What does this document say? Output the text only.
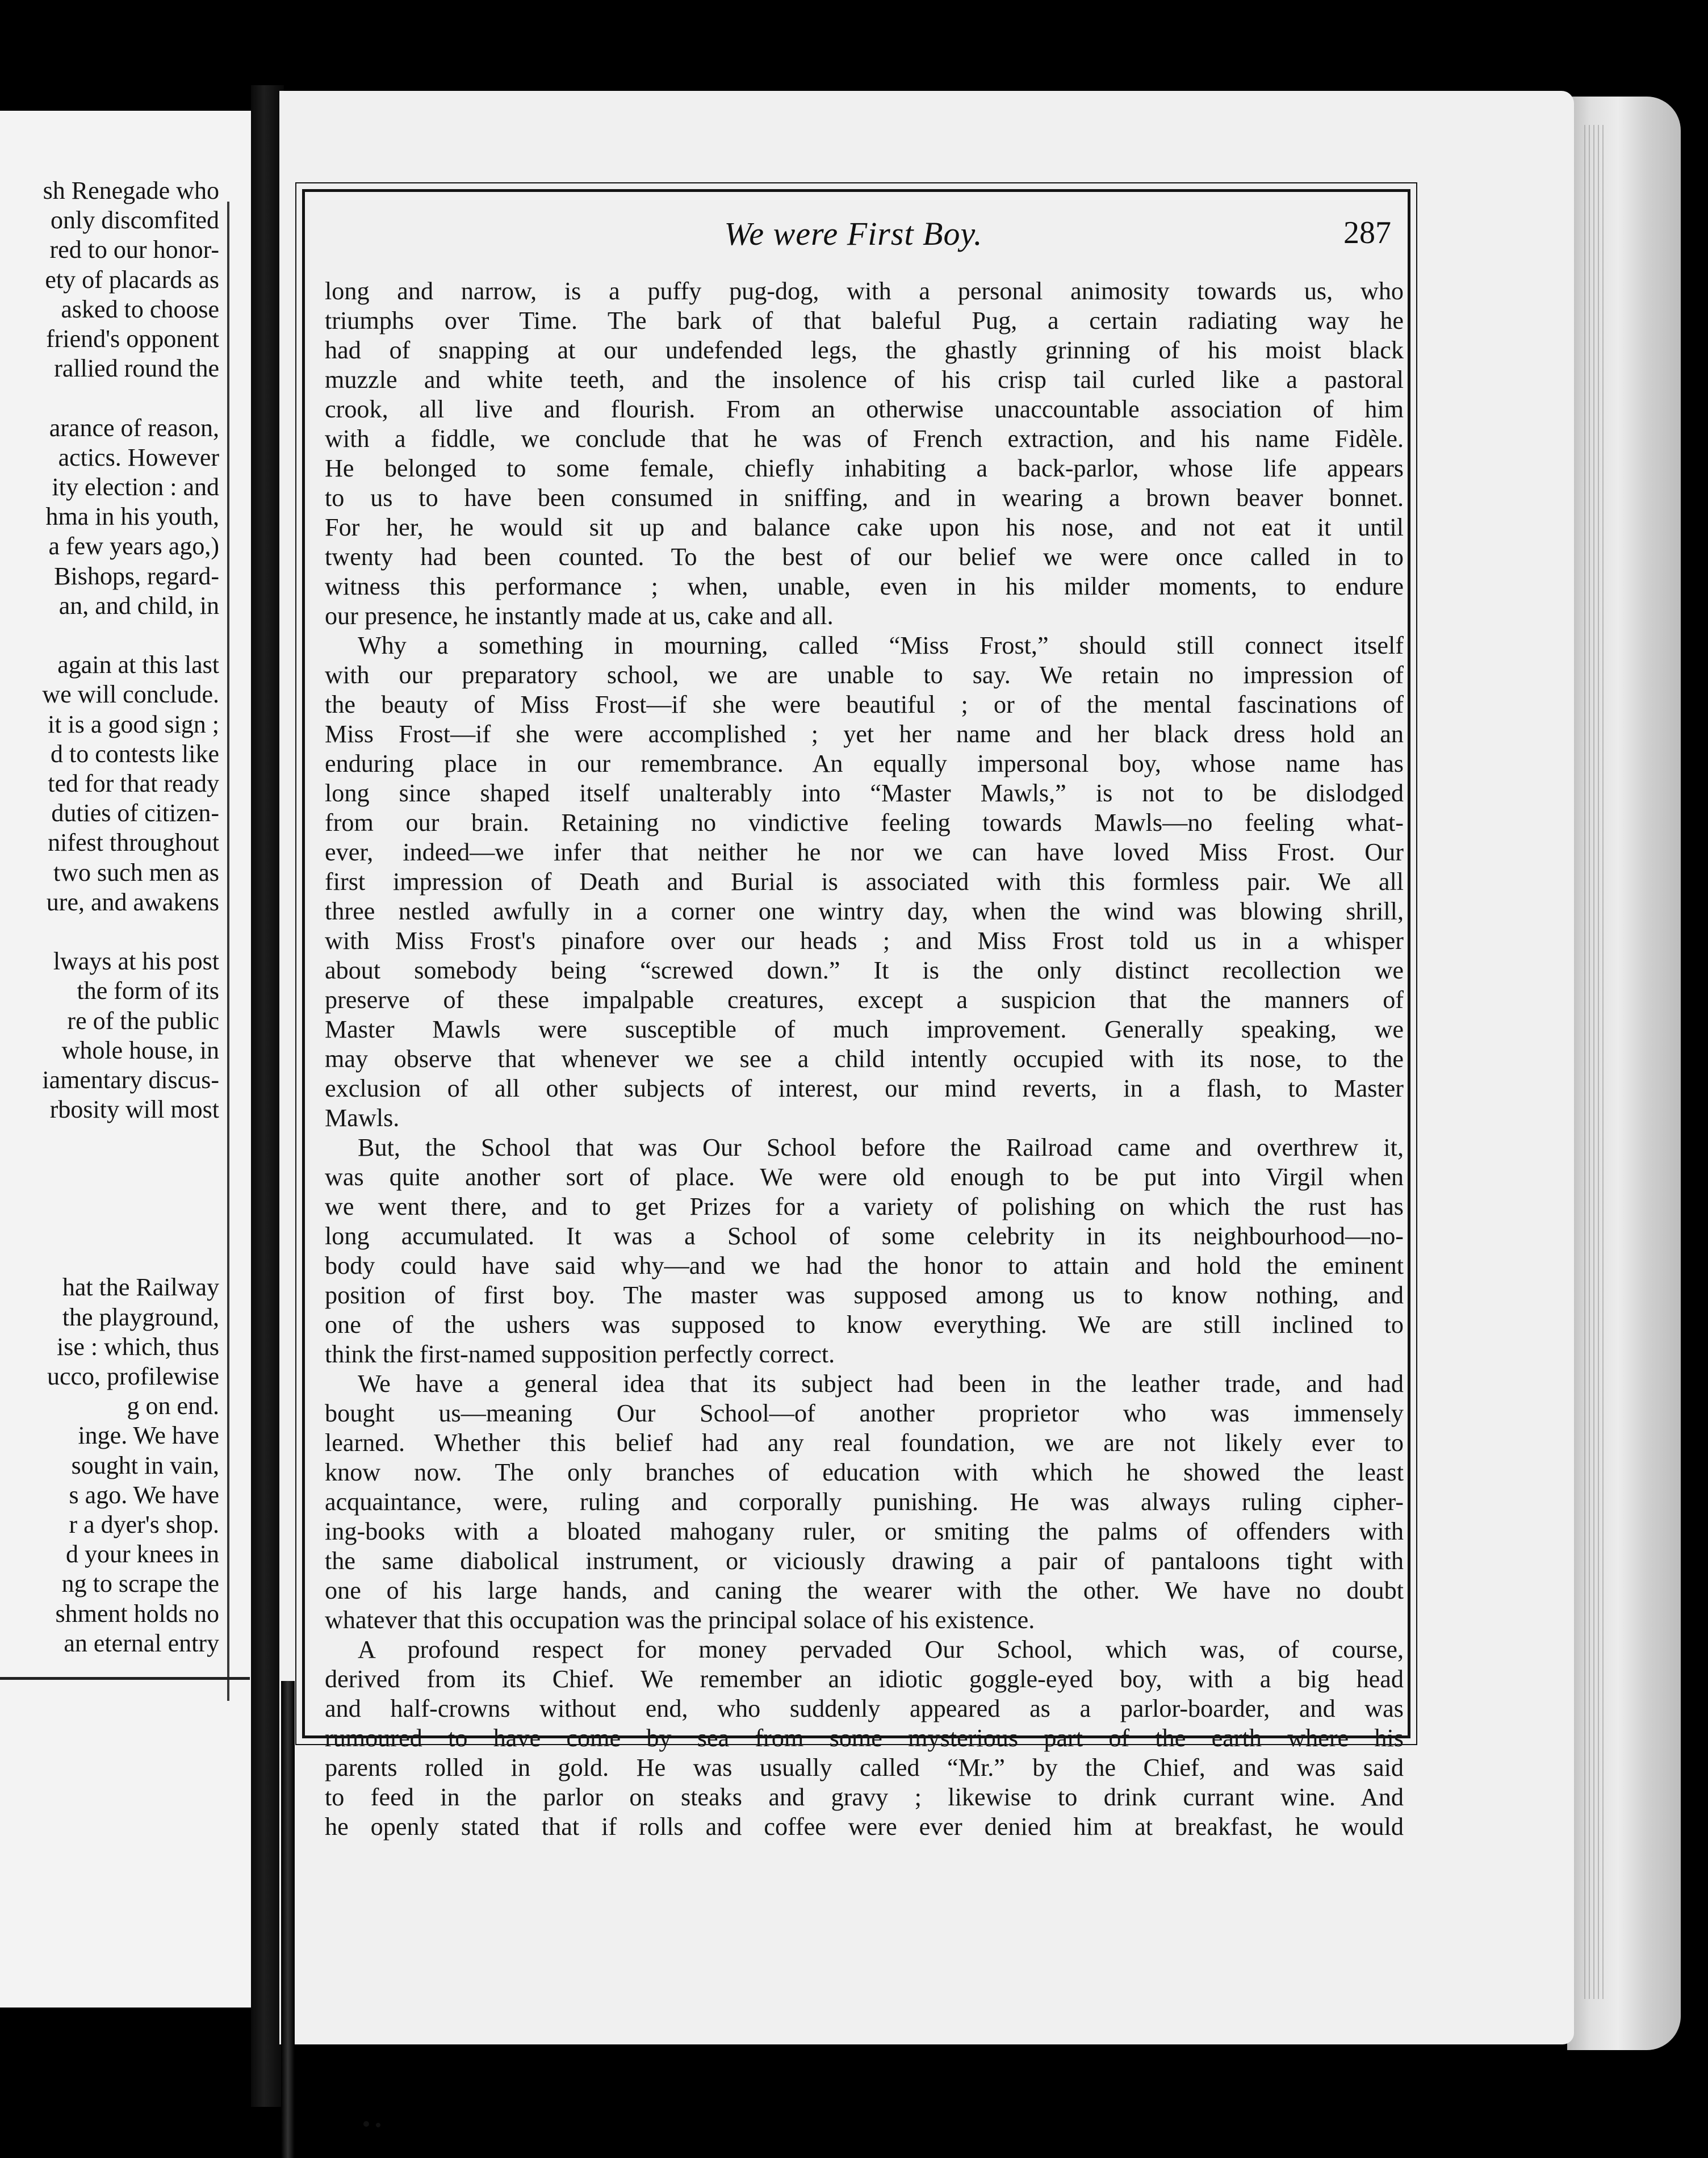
sh Renegade who
only discomfited
red to our honor-
ety of placards as
asked to choose
friend's opponent
rallied round the
arance of reason,
actics. However
ity election : and
hma in his youth,
a few years ago,)
Bishops, regard-
an, and child, in
again at this last
we will conclude.
it is a good sign ;
d to contests like
ted for that ready
duties of citizen-
nifest throughout
two such men as
ure, and awakens
lways at his post
the form of its
re of the public
whole house, in
iamentary discus-
rbosity will most
hat the Railway
the playground,
ise : which, thus
ucco, profilewise
g on end.
inge. We have
sought in vain,
s ago. We have
r a dyer's shop.
d your knees in
ng to scrape the
shment holds no
an eternal entry
We were First Boy.	287
long and narrow, is a puffy pug-dog, with a personal animosity towards us, who
triumphs over Time. The bark of that baleful Pug, a certain radiating way he
had of snapping at our undefended legs, the ghastly grinning of his moist black
muzzle and white teeth, and the insolence of his crisp tail curled like a pastoral
crook, all live and flourish. From an otherwise unaccountable association of him
with a fiddle, we conclude that he was of French extraction, and his name Fidèle.
He belonged to some female, chiefly inhabiting a back-parlor, whose life appears
to us to have been consumed in sniffing, and in wearing a brown beaver bonnet.
For her, he would sit up and balance cake upon his nose, and not eat it until
twenty had been counted. To the best of our belief we were once called in to
witness this performance ; when, unable, even in his milder moments, to endure
our presence, he instantly made at us, cake and all.
Why a something in mourning, called “Miss Frost,” should still connect itself
with our preparatory school, we are unable to say. We retain no impression of
the beauty of Miss Frost—if she were beautiful ; or of the mental fascinations of
Miss Frost—if she were accomplished ; yet her name and her black dress hold an
enduring place in our remembrance. An equally impersonal boy, whose name has
long since shaped itself unalterably into “Master Mawls,” is not to be dislodged
from our brain. Retaining no vindictive feeling towards Mawls—no feeling what-
ever, indeed—we infer that neither he nor we can have loved Miss Frost. Our
first impression of Death and Burial is associated with this formless pair. We all
three nestled awfully in a corner one wintry day, when the wind was blowing shrill,
with Miss Frost's pinafore over our heads ; and Miss Frost told us in a whisper
about somebody being “screwed down.” It is the only distinct recollection we
preserve of these impalpable creatures, except a suspicion that the manners of
Master Mawls were susceptible of much improvement. Generally speaking, we
may observe that whenever we see a child intently occupied with its nose, to the
exclusion of all other subjects of interest, our mind reverts, in a flash, to Master
Mawls.
But, the School that was Our School before the Railroad came and overthrew it,
was quite another sort of place. We were old enough to be put into Virgil when
we went there, and to get Prizes for a variety of polishing on which the rust has
long accumulated. It was a School of some celebrity in its neighbourhood—no-
body could have said why—and we had the honor to attain and hold the eminent
position of first boy. The master was supposed among us to know nothing, and
one of the ushers was supposed to know everything. We are still inclined to
think the first-named supposition perfectly correct.
We have a general idea that its subject had been in the leather trade, and had
bought us—meaning Our School—of another proprietor who was immensely
learned. Whether this belief had any real foundation, we are not likely ever to
know now. The only branches of education with which he showed the least
acquaintance, were, ruling and corporally punishing. He was always ruling cipher-
ing-books with a bloated mahogany ruler, or smiting the palms of offenders with
the same diabolical instrument, or viciously drawing a pair of pantaloons tight with
one of his large hands, and caning the wearer with the other. We have no doubt
whatever that this occupation was the principal solace of his existence.
A profound respect for money pervaded Our School, which was, of course,
derived from its Chief. We remember an idiotic goggle-eyed boy, with a big head
and half-crowns without end, who suddenly appeared as a parlor-boarder, and was
rumoured to have come by sea from some mysterious part of the earth where his
parents rolled in gold. He was usually called “Mr.” by the Chief, and was said
to feed in the parlor on steaks and gravy ; likewise to drink currant wine. And
he openly stated that if rolls and coffee were ever denied him at breakfast, he would
